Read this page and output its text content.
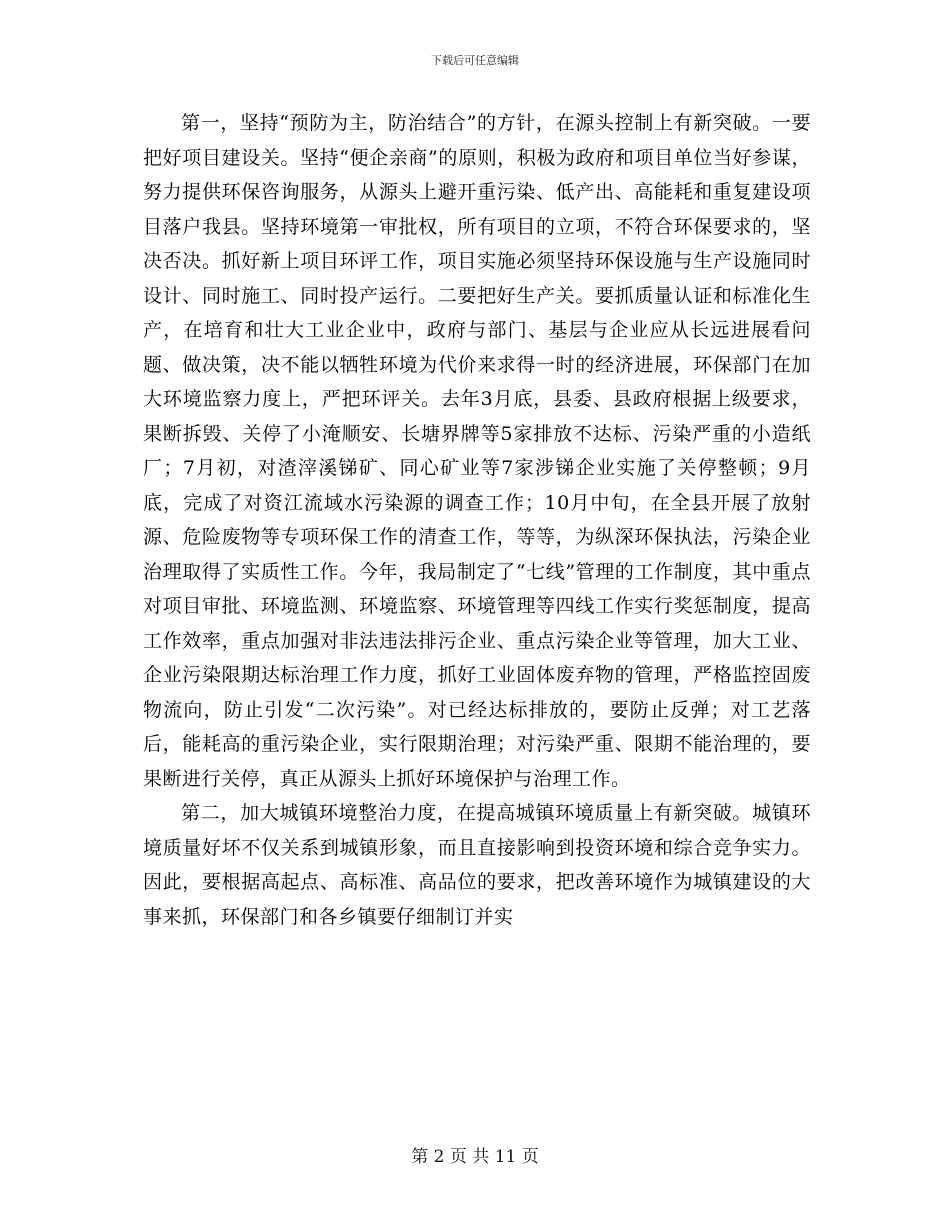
下载后可任意编辑

第一，坚持“预防为主，防治结合”的方针，在源头控制上有新突破。一要把好项目建设关。坚持“便企亲商”的原则，积极为政府和项目单位当好参谋，努力提供环保咨询服务，从源头上避开重污染、低产出、高能耗和重复建设项目落户我县。坚持环境第一审批权，所有项目的立项，不符合环保要求的，坚决否决。抓好新上项目环评工作，项目实施必须坚持环保设施与生产设施同时设计、同时施工、同时投产运行。二要把好生产关。要抓质量认证和标准化生产，在培育和壮大工业企业中，政府与部门、基层与企业应从长远进展看问题、做决策，决不能以牺牲环境为代价来求得一时的经济进展，环保部门在加大环境监察力度上，严把环评关。去年3月底，县委、县政府根据上级要求，果断拆毁、关停了小淹顺安、长塘界牌等5家排放不达标、污染严重的小造纸厂；7月初，对渣滓溪锑矿、同心矿业等7家涉锑企业实施了关停整顿；9月底，完成了对资江流域水污染源的调查工作；10月中旬，在全县开展了放射源、危险废物等专项环保工作的清查工作，等等，为纵深环保执法，污染企业治理取得了实质性工作。今年，我局制定了“七线”管理的工作制度，其中重点对项目审批、环境监测、环境监察、环境管理等四线工作实行奖惩制度，提高工作效率，重点加强对非法违法排污企业、重点污染企业等管理，加大工业、企业污染限期达标治理工作力度，抓好工业固体废弃物的管理，严格监控固废物流向，防止引发“二次污染”。对已经达标排放的，要防止反弹；对工艺落后，能耗高的重污染企业，实行限期治理；对污染严重、限期不能治理的，要果断进行关停，真正从源头上抓好环境保护与治理工作。

第二，加大城镇环境整治力度，在提高城镇环境质量上有新突破。城镇环境质量好坏不仅关系到城镇形象，而且直接影响到投资环境和综合竞争实力。因此，要根据高起点、高标准、高品位的要求，把改善环境作为城镇建设的大事来抓，环保部门和各乡镇要仔细制订并实

第 2 页 共 11 页
